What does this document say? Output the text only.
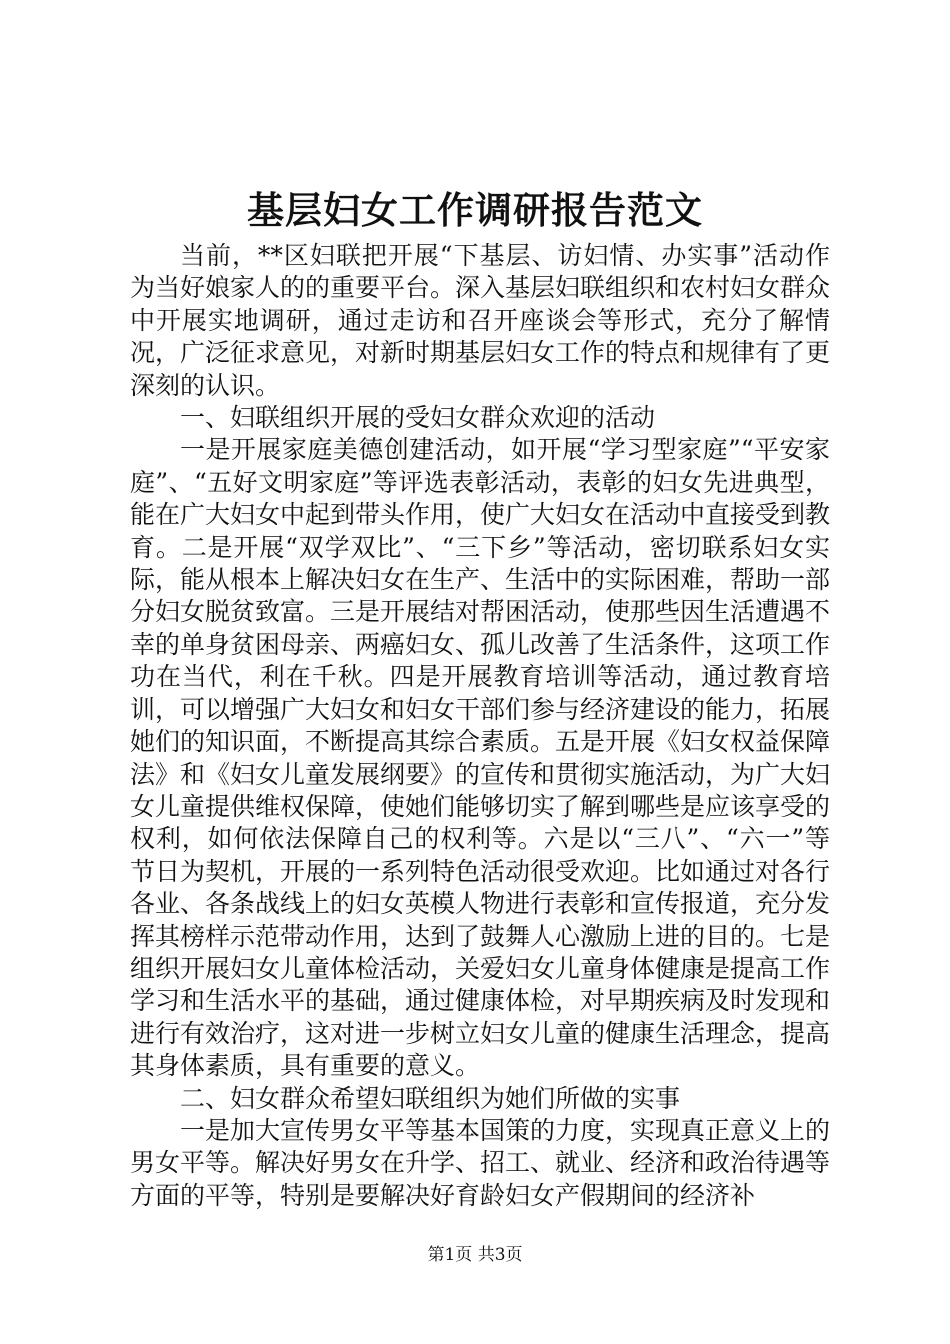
基层妇女工作调研报告范文

当前，**区妇联把开展“下基层、访妇情、办实事”活动作为当好娘家人的的重要平台。深入基层妇联组织和农村妇女群众中开展实地调研，通过走访和召开座谈会等形式，充分了解情况，广泛征求意见，对新时期基层妇女工作的特点和规律有了更深刻的认识。

一、妇联组织开展的受妇女群众欢迎的活动

一是开展家庭美德创建活动，如开展“学习型家庭”“平安家庭”、“五好文明家庭”等评选表彰活动，表彰的妇女先进典型，能在广大妇女中起到带头作用，使广大妇女在活动中直接受到教育。二是开展“双学双比”、“三下乡”等活动，密切联系妇女实际，能从根本上解决妇女在生产、生活中的实际困难，帮助一部分妇女脱贫致富。三是开展结对帮困活动，使那些因生活遭遇不幸的单身贫困母亲、两癌妇女、孤儿改善了生活条件，这项工作功在当代，利在千秋。四是开展教育培训等活动，通过教育培训，可以增强广大妇女和妇女干部们参与经济建设的能力，拓展她们的知识面，不断提高其综合素质。五是开展《妇女权益保障法》和《妇女儿童发展纲要》的宣传和贯彻实施活动，为广大妇女儿童提供维权保障，使她们能够切实了解到哪些是应该享受的权利，如何依法保障自己的权利等。六是以“三八”、“六一”等节日为契机，开展的一系列特色活动很受欢迎。比如通过对各行各业、各条战线上的妇女英模人物进行表彰和宣传报道，充分发挥其榜样示范带动作用，达到了鼓舞人心激励上进的目的。七是组织开展妇女儿童体检活动，关爱妇女儿童身体健康是提高工作学习和生活水平的基础，通过健康体检，对早期疾病及时发现和进行有效治疗，这对进一步树立妇女儿童的健康生活理念，提高其身体素质，具有重要的意义。

二、妇女群众希望妇联组织为她们所做的实事

一是加大宣传男女平等基本国策的力度，实现真正意义上的男女平等。解决好男女在升学、招工、就业、经济和政治待遇等方面的平等，特别是要解决好育龄妇女产假期间的经济补

第1页 共3页
